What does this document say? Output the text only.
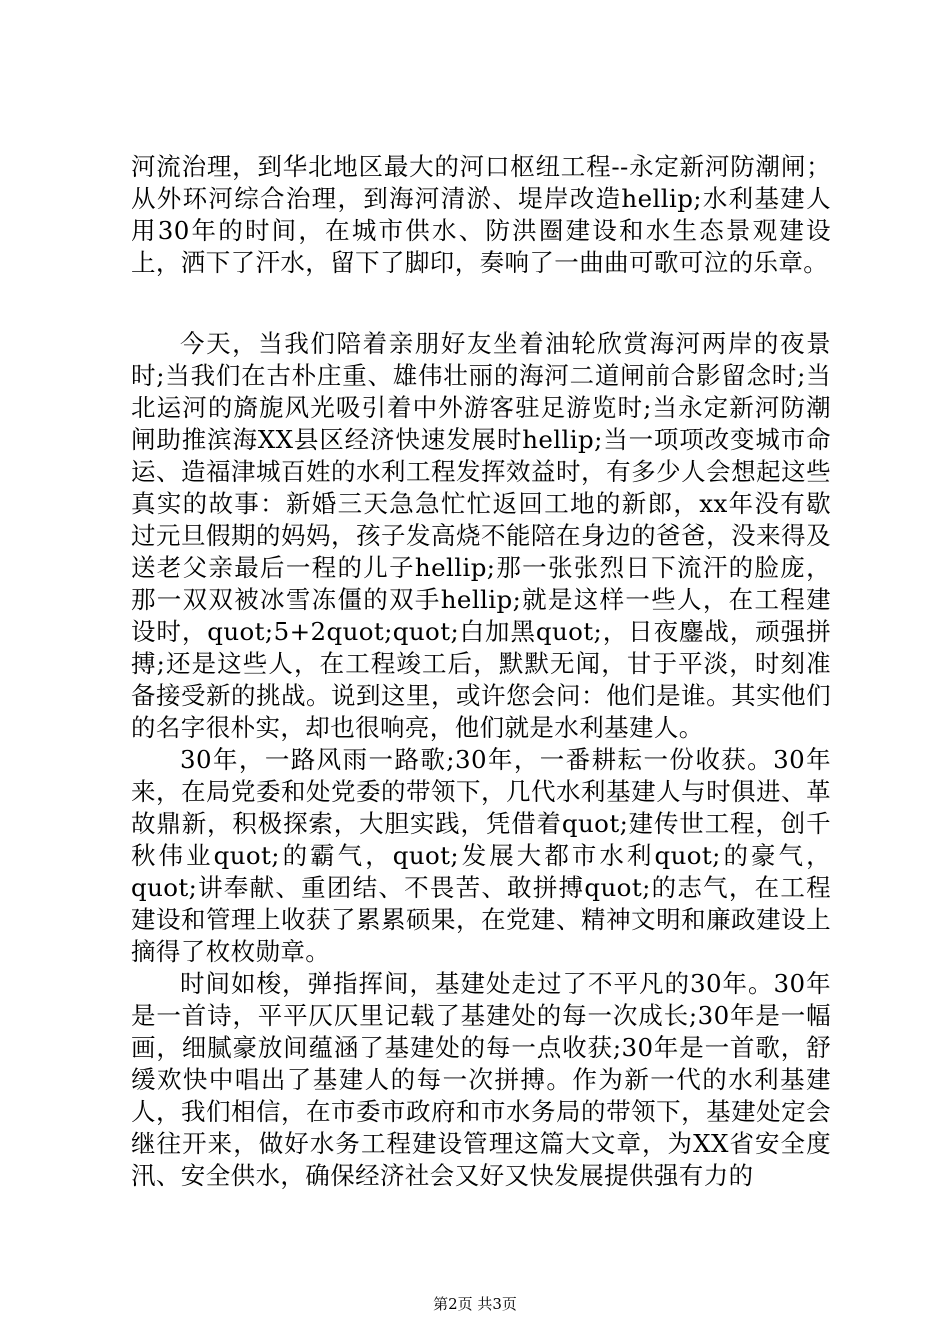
河流治理，到华北地区最大的河口枢纽工程--永定新河防潮闸；从外环河综合治理，到海河清淤、堤岸改造hellip;水利基建人用30年的时间，在城市供水、防洪圈建设和水生态景观建设上，洒下了汗水，留下了脚印，奏响了一曲曲可歌可泣的乐章。

今天，当我们陪着亲朋好友坐着油轮欣赏海河两岸的夜景时;当我们在古朴庄重、雄伟壮丽的海河二道闸前合影留念时;当北运河的旖旎风光吸引着中外游客驻足游览时;当永定新河防潮闸助推滨海XX县区经济快速发展时hellip;当一项项改变城市命运、造福津城百姓的水利工程发挥效益时，有多少人会想起这些真实的故事：新婚三天急急忙忙返回工地的新郎，xx年没有歇过元旦假期的妈妈，孩子发高烧不能陪在身边的爸爸，没来得及送老父亲最后一程的儿子hellip;那一张张烈日下流汗的脸庞，那一双双被冰雪冻僵的双手hellip;就是这样一些人，在工程建设时，quot;5+2quot;quot;白加黑quot;，日夜鏖战，顽强拼搏;还是这些人，在工程竣工后，默默无闻，甘于平淡，时刻准备接受新的挑战。说到这里，或许您会问：他们是谁。其实他们的名字很朴实，却也很响亮，他们就是水利基建人。

30年，一路风雨一路歌;30年，一番耕耘一份收获。30年来，在局党委和处党委的带领下，几代水利基建人与时俱进、革故鼎新，积极探索，大胆实践，凭借着quot;建传世工程，创千秋伟业quot;的霸气，quot;发展大都市水利quot;的豪气，quot;讲奉献、重团结、不畏苦、敢拼搏quot;的志气，在工程建设和管理上收获了累累硕果，在党建、精神文明和廉政建设上摘得了枚枚勋章。

时间如梭，弹指挥间，基建处走过了不平凡的30年。30年是一首诗，平平仄仄里记载了基建处的每一次成长;30年是一幅画，细腻豪放间蕴涵了基建处的每一点收获;30年是一首歌，舒缓欢快中唱出了基建人的每一次拼搏。作为新一代的水利基建人，我们相信，在市委市政府和市水务局的带领下，基建处定会继往开来，做好水务工程建设管理这篇大文章，为XX省安全度汛、安全供水，确保经济社会又好又快发展提供强有力的

第2页 共3页
